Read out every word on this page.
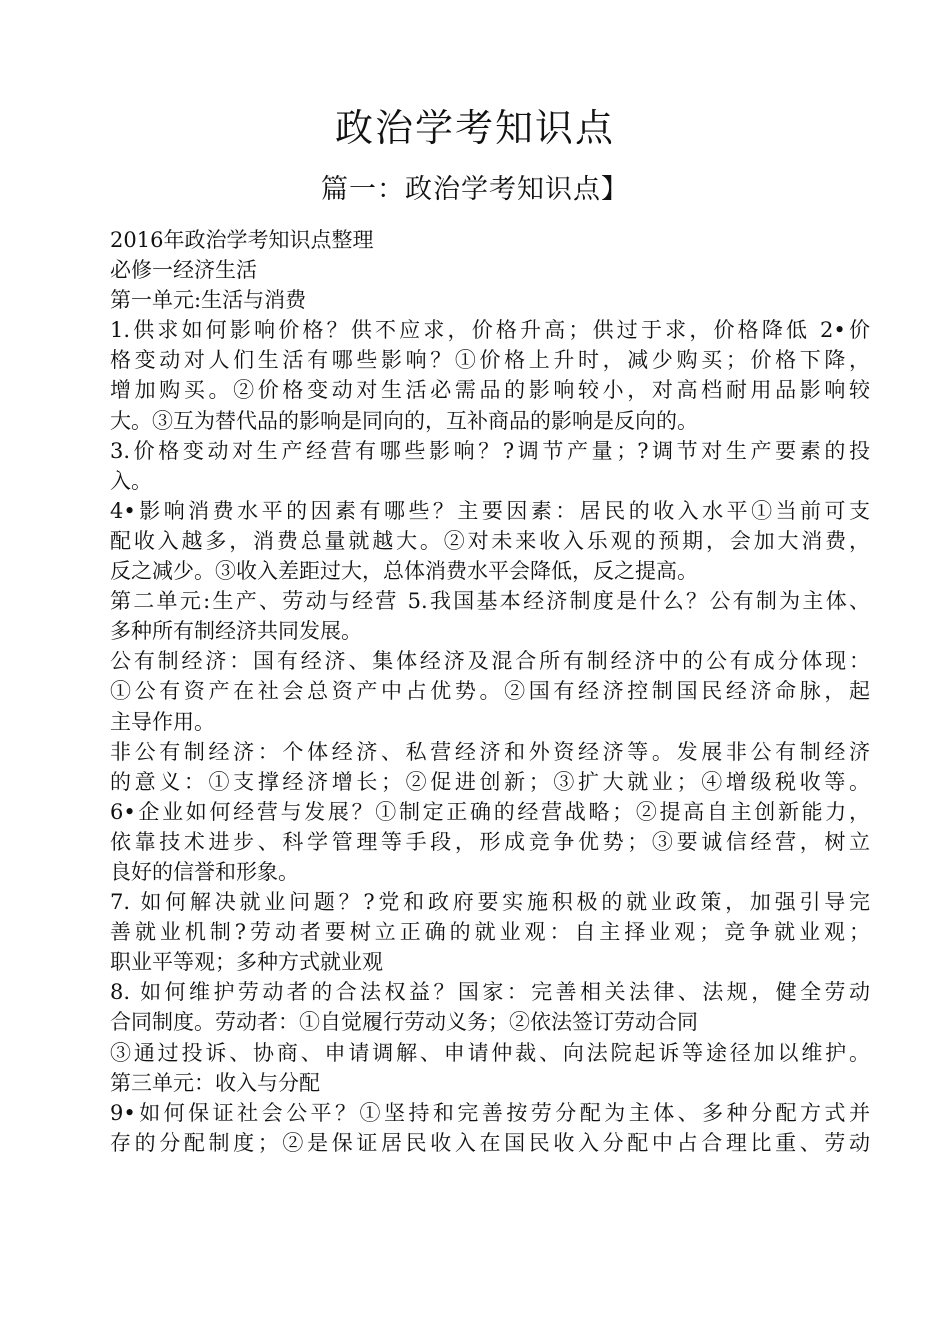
政治学考知识点
篇一：政治学考知识点】
2016年政治学考知识点整理
必修一经济生活
第一单元:生活与消费
1.供求如何影响价格？供不应求，价格升高；供过于求，价格降低 2•价
格变动对人们生活有哪些影响？①价格上升时，减少购买；价格下降，
增加购买。②价格变动对生活必需品的影响较小，对高档耐用品影响较
大。③互为替代品的影响是同向的，互补商品的影响是反向的。
3.价格变动对生产经营有哪些影响？?调节产量；?调节对生产要素的投
入。
4•影响消费水平的因素有哪些？主要因素：居民的收入水平①当前可支
配收入越多，消费总量就越大。②对未来收入乐观的预期，会加大消费，
反之减少。③收入差距过大，总体消费水平会降低，反之提高。
第二单元:生产、劳动与经营 5.我国基本经济制度是什么？公有制为主体、
多种所有制经济共同发展。
公有制经济：国有经济、集体经济及混合所有制经济中的公有成分体现：
①公有资产在社会总资产中占优势。②国有经济控制国民经济命脉，起
主导作用。
非公有制经济：个体经济、私营经济和外资经济等。发展非公有制经济
的意义：①支撑经济增长；②促进创新；③扩大就业；④增级税收等。
6•企业如何经营与发展？①制定正确的经营战略；②提高自主创新能力，
依靠技术进步、科学管理等手段，形成竞争优势；③要诚信经营，树立
良好的信誉和形象。
7. 如何解决就业问题？?党和政府要实施积极的就业政策，加强引导完
善就业机制?劳动者要树立正确的就业观：自主择业观；竞争就业观；
职业平等观；多种方式就业观
8. 如何维护劳动者的合法权益？国家：完善相关法律、法规，健全劳动
合同制度。劳动者：①自觉履行劳动义务；②依法签订劳动合同
③通过投诉、协商、申请调解、申请仲裁、向法院起诉等途径加以维护。
第三单元：收入与分配
9•如何保证社会公平？①坚持和完善按劳分配为主体、多种分配方式并
存的分配制度；②是保证居民收入在国民收入分配中占合理比重、劳动
